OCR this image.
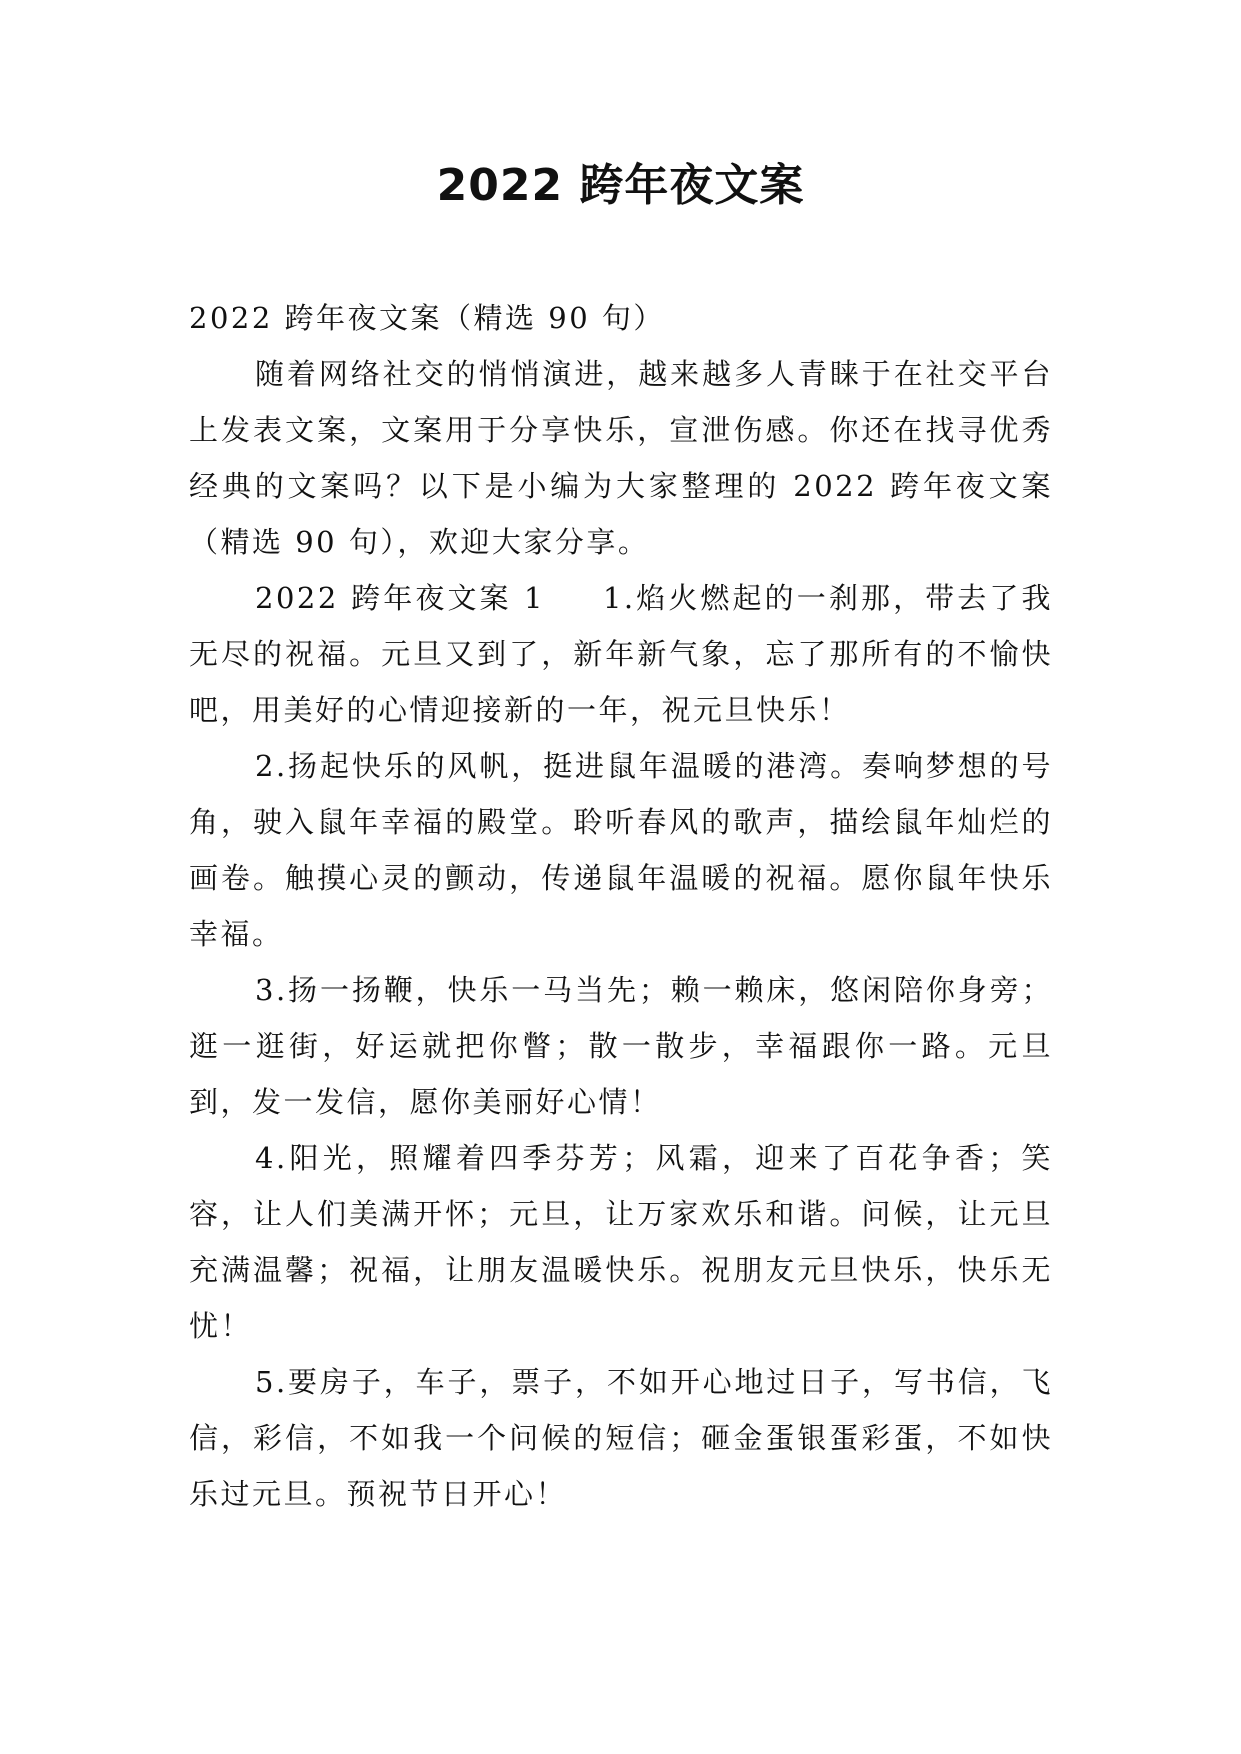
2022 跨年夜文案

2022 跨年夜文案（精选 90 句）

随着网络社交的悄悄演进，越来越多人青睐于在社交平台上发表文案，文案用于分享快乐，宣泄伤感。你还在找寻优秀经典的文案吗？以下是小编为大家整理的 2022 跨年夜文案（精选 90 句），欢迎大家分享。

2022 跨年夜文案 1 1.焰火燃起的一刹那，带去了我无尽的祝福。元旦又到了，新年新气象，忘了那所有的不愉快吧，用美好的心情迎接新的一年，祝元旦快乐！

2.扬起快乐的风帆，挺进鼠年温暖的港湾。奏响梦想的号角，驶入鼠年幸福的殿堂。聆听春风的歌声，描绘鼠年灿烂的画卷。触摸心灵的颤动，传递鼠年温暖的祝福。愿你鼠年快乐幸福。

3.扬一扬鞭，快乐一马当先；赖一赖床，悠闲陪你身旁；逛一逛街，好运就把你瞥；散一散步，幸福跟你一路。元旦到，发一发信，愿你美丽好心情！

4.阳光，照耀着四季芬芳；风霜，迎来了百花争香；笑容，让人们美满开怀；元旦，让万家欢乐和谐。问候，让元旦充满温馨；祝福，让朋友温暖快乐。祝朋友元旦快乐，快乐无忧！

5.要房子，车子，票子，不如开心地过日子，写书信，飞信，彩信，不如我一个问候的短信；砸金蛋银蛋彩蛋，不如快乐过元旦。预祝节日开心！
